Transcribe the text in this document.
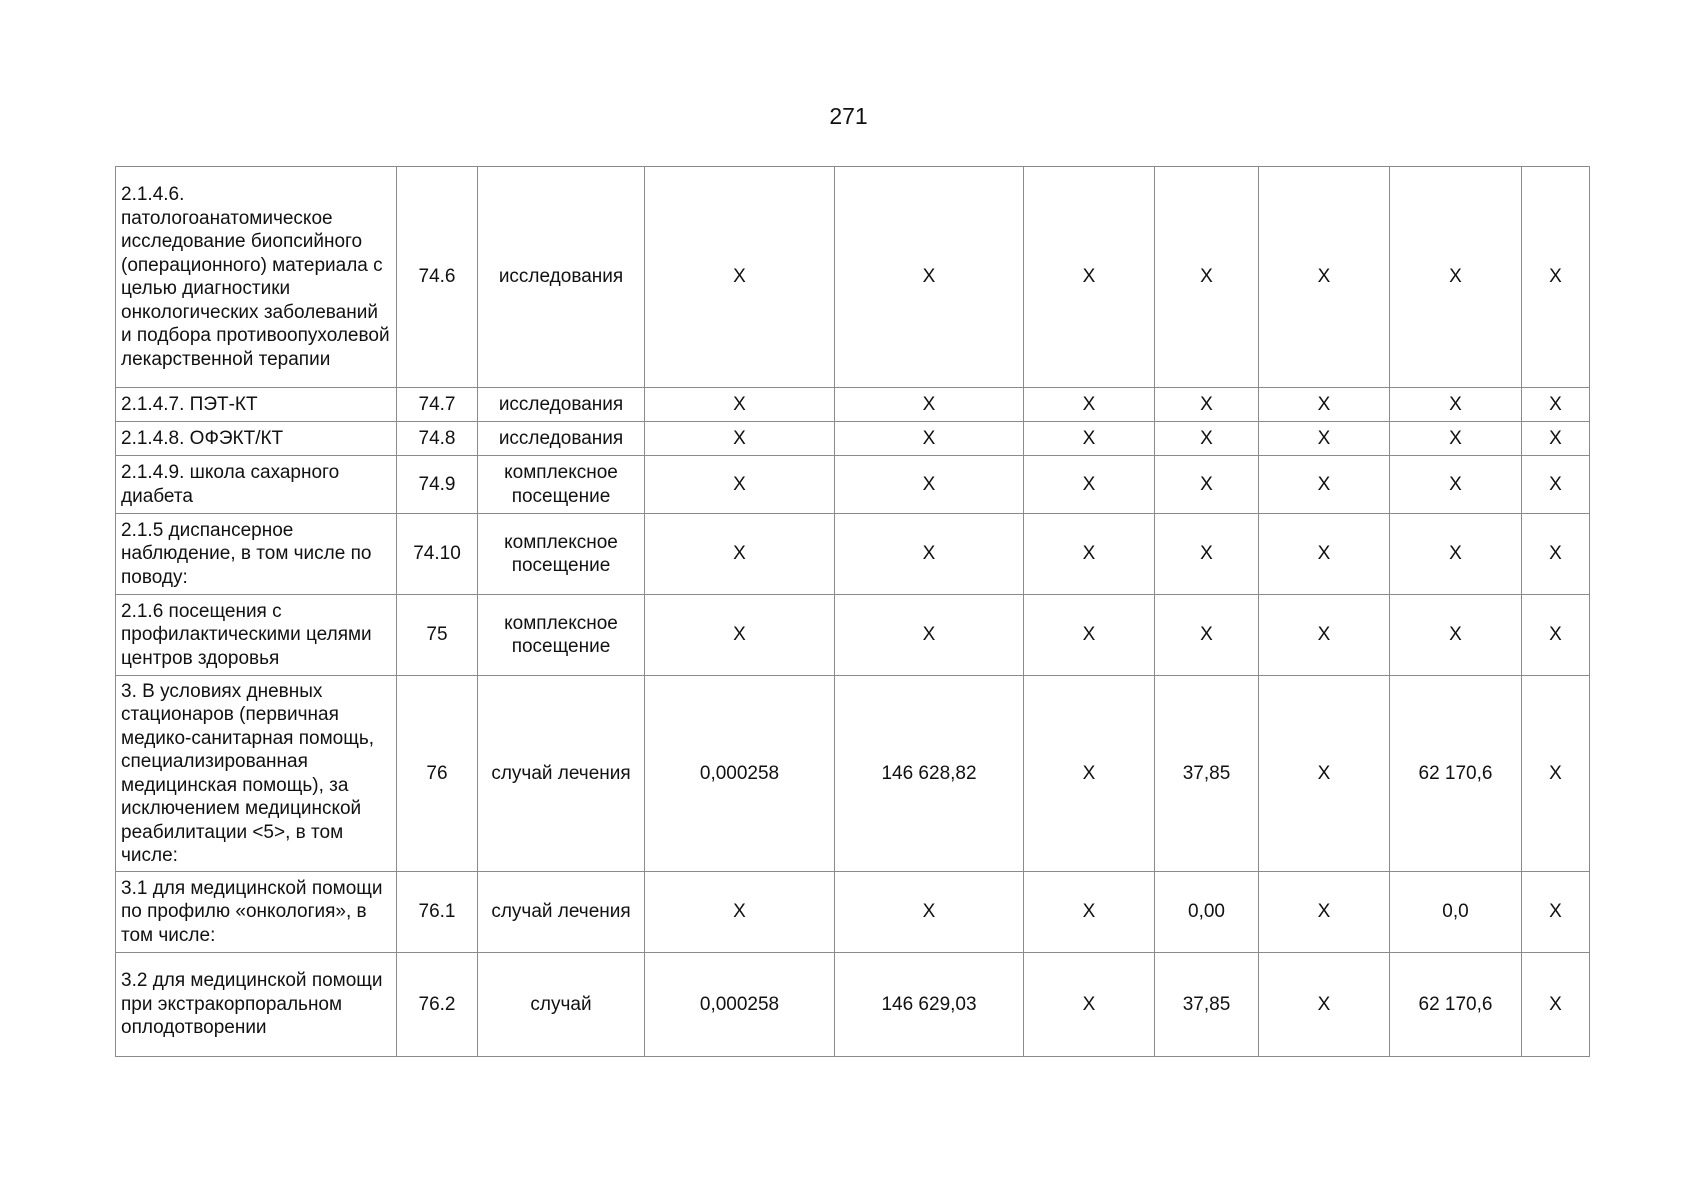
271
2.1.4.6. патологоанатомическое исследование биопсийного (операционного) материала с целью диагностики онкологических заболеваний и подбора противоопухолевой лекарственной терапии	74.6	исследования	X	X	X	X	X	X	X
2.1.4.7. ПЭТ-КТ	74.7	исследования	X	X	X	X	X	X	X
2.1.4.8. ОФЭКТ/КТ	74.8	исследования	X	X	X	X	X	X	X
2.1.4.9. школа сахарного диабета	74.9	комплексное посещение	X	X	X	X	X	X	X
2.1.5 диспансерное наблюдение, в том числе по поводу:	74.10	комплексное посещение	X	X	X	X	X	X	X
2.1.6 посещения с профилактическими целями центров здоровья	75	комплексное посещение	X	X	X	X	X	X	X
3. В условиях дневных стационаров (первичная медико-санитарная помощь, специализированная медицинская помощь), за исключением медицинской реабилитации <5>, в том числе:	76	случай лечения	0,000258	146 628,82	X	37,85	X	62 170,6	X
3.1 для медицинской помощи по профилю «онкология», в том числе:	76.1	случай лечения	X	X	X	0,00	X	0,0	X
3.2 для медицинской помощи при экстракорпоральном оплодотворении	76.2	случай	0,000258	146 629,03	X	37,85	X	62 170,6	X
